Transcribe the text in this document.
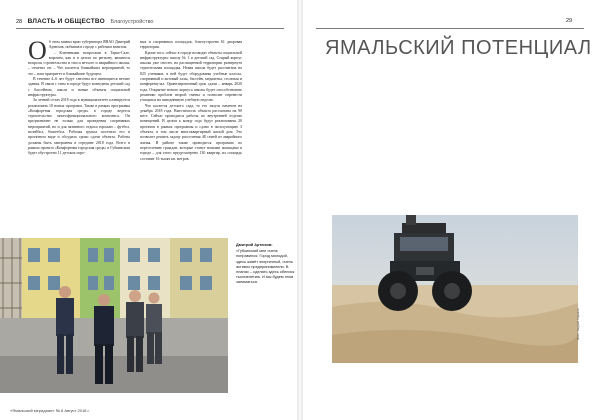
28 ВЛАСТЬ И ОБЩЕСТВО Благоустройство	29
ЯМАЛЬСКИЙ ПОТЕНЦИАЛ
О б этом заявил врио губернатора ЯНАО Дмитрий Артюхов, побывав в городе с рабочим визитом.

– Ключевыми вопросами в Тарко-Сале, впрочем, как и в целом по региону, являются вопросы строительства и сноса ветхого и аварийного жилья, – отметил он. – Что касается ближайших мероприятий, то это – наш приоритет в ближайшие будущем.

В течение 4–6 лет будут снесены все имеющиеся ветхие здания. В связи с этим в городе будут возведены детский сад с бассейном, школа и новые объекты социальной инфраструктуры.

За летний сезон 2018 года в муниципалитете планируется реализовать 10 новых программ. Также в рамках программы «Комфортная городская среда» в городе ведется строительство многофункционального комплекса. Он предназначен не только для проведения спортивных мероприятий, но и для активного отдыха горожан – футбол, волейбол, баскетбол. Рабочая группа посетила его в проектном виде и обсудила сроки сдачи объекта. Работы должны быть завершены в середине 2018 года. Всего в рамках проекта «Комфортная городская среда» в Губкинском будет обустроено 11 детских игро-

вых и спортивных площадок, благоустроена 61 дворовая территория.

Кроме того, сейчас в городе возводят объекты социальной инфраструктуры: школу № 1 и детский сад. Старый корпус школы уже снесен, на расчищенной территории развернута строительная площадка. Новая школа будет рассчитана на 825 учеников, в ней будут оборудованы учебные классы, спортивный и актовый залы, бассейн, медиатека, столовая и конференц-зал. Ориентировочный срок сдачи – январь 2020 года. Открытие нового корпуса школы будет способствовать решению проблем второй смены и позволит перевести учащихся на пятидневную учебную неделю.

Что касается детского сада, то его запуск намечен на декабрь 2018 года. Вместимость объекта рассчитана на 90 мест. Сейчас проводятся работы по внутренней отделке помещений. В целом к концу года будут реализованы 20 проектов в рамках программы и сдано в эксплуатацию 3 объекта, в том числе многоквартирный жилой дом. Это позволит решить задачу расселения 48 семей из аварийного жилья. В районе также проводится программа по переселению граждан, которые станут новыми жильцами в городе – для этого предусмотрено 130 квартир, их площадь составит 16 тысяч кв. метров.

Дмитрий Артюхов:
«Губкинский мне очень понравился. Город молодой, здесь живёт энергичный, очень активно предприниматели. В планах – сделать здесь обелиск тысячелетию. И мы будем этим заниматься.
Фото: Андрей Ходаков
«Ямальский меридиан» № 8 Август 2018 г.
